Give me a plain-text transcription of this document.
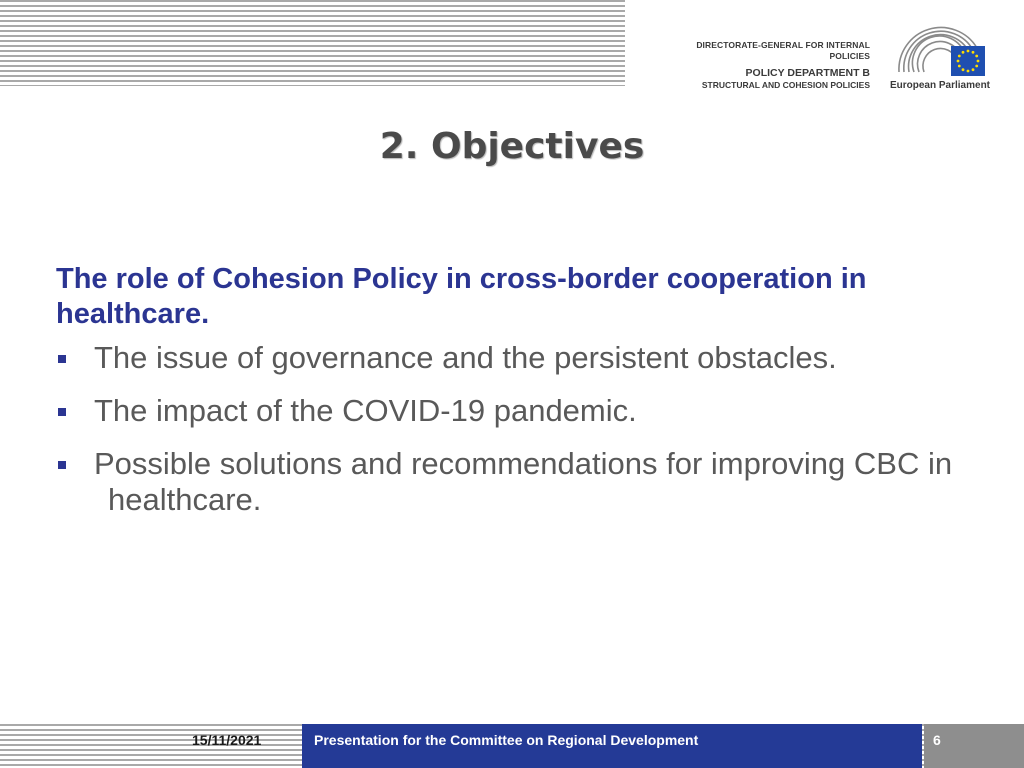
DIRECTORATE-GENERAL FOR INTERNAL POLICIES
POLICY DEPARTMENT B
STRUCTURAL AND COHESION POLICIES	European Parliament
2. Objectives

The role of Cohesion Policy in cross-border cooperation in healthcare.

The issue of governance and the persistent obstacles.
The impact of the COVID-19 pandemic.
Possible solutions and recommendations for improving CBC in healthcare.
15/11/2021	Presentation for the Committee on Regional Development	6
